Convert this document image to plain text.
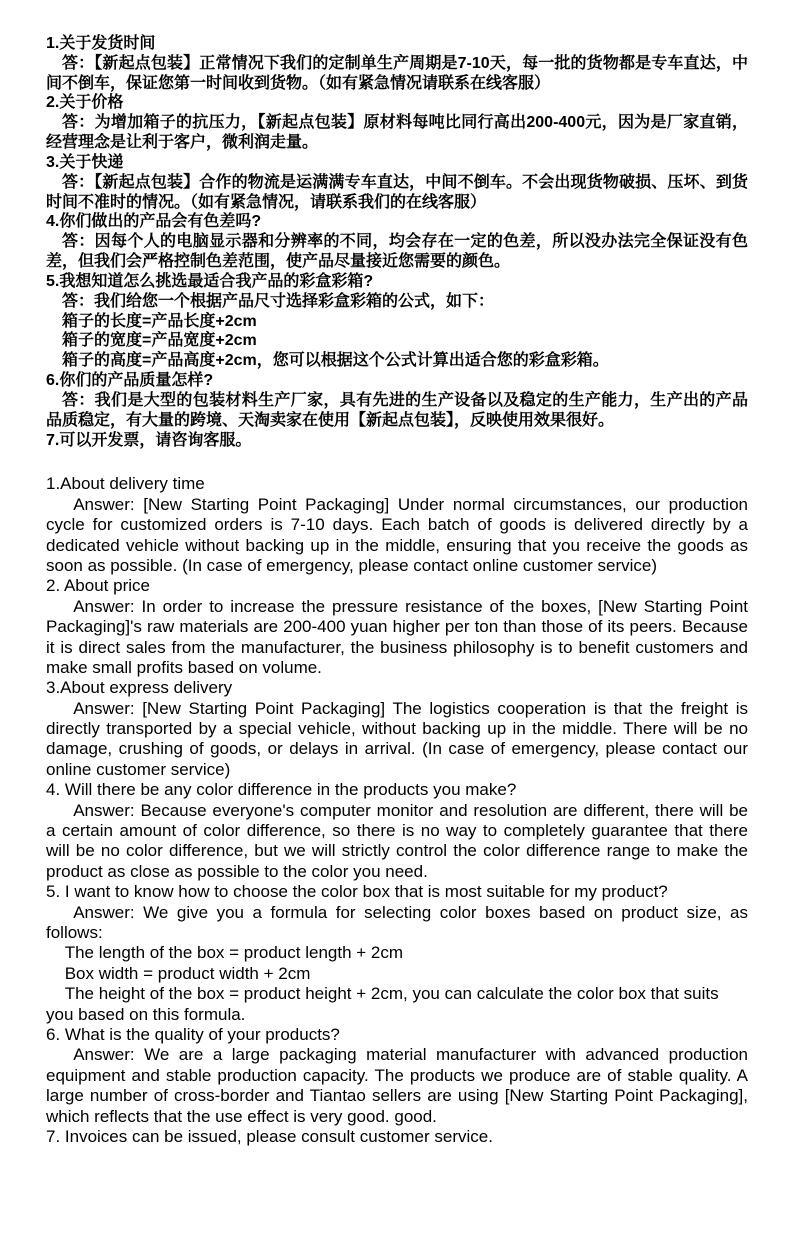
1.关于发货时间

答：【新起点包装】正常情况下我们的定制单生产周期是7-10天，每一批的货物都是专车直达，中间不倒车，保证您第一时间收到货物。（如有紧急情况请联系在线客服）

2.关于价格

答：为增加箱子的抗压力，【新起点包装】原材料每吨比同行高出200-400元，因为是厂家直销，经营理念是让利于客户，微利润走量。

3.关于快递

答：【新起点包装】合作的物流是运满满专车直达，中间不倒车。不会出现货物破损、压坏、到货时间不准时的情况。（如有紧急情况，请联系我们的在线客服）

4.你们做出的产品会有色差吗?

答：因每个人的电脑显示器和分辨率的不同，均会存在一定的色差，所以没办法完全保证没有色差，但我们会严格控制色差范围，使产品尽量接近您需要的颜色。

5.我想知道怎么挑选最适合我产品的彩盒彩箱?

答：我们给您一个根据产品尺寸选择彩盒彩箱的公式，如下：

箱子的长度=产品长度+2cm

箱子的宽度=产品宽度+2cm

箱子的高度=产品高度+2cm，您可以根据这个公式计算出适合您的彩盒彩箱。

6.你们的产品质量怎样?

答：我们是大型的包装材料生产厂家，具有先进的生产设备以及稳定的生产能力，生产出的产品品质稳定，有大量的跨境、天淘卖家在使用【新起点包装】，反映使用效果很好。

7.可以开发票，请咨询客服。

1.About delivery time

Answer: [New Starting Point Packaging] Under normal circumstances, our production cycle for customized orders is 7-10 days. Each batch of goods is delivered directly by a dedicated vehicle without backing up in the middle, ensuring that you receive the goods as soon as possible. (In case of emergency, please contact online customer service)

2. About price

Answer: In order to increase the pressure resistance of the boxes, [New Starting Point Packaging]'s raw materials are 200-400 yuan higher per ton than those of its peers. Because it is direct sales from the manufacturer, the business philosophy is to benefit customers and make small profits based on volume.

3.About express delivery

Answer: [New Starting Point Packaging] The logistics cooperation is that the freight is directly transported by a special vehicle, without backing up in the middle. There will be no damage, crushing of goods, or delays in arrival. (In case of emergency, please contact our online customer service)

4. Will there be any color difference in the products you make?

Answer: Because everyone's computer monitor and resolution are different, there will be a certain amount of color difference, so there is no way to completely guarantee that there will be no color difference, but we will strictly control the color difference range to make the product as close as possible to the color you need.

5. I want to know how to choose the color box that is most suitable for my product?

Answer: We give you a formula for selecting color boxes based on product size, as follows:

The length of the box = product length + 2cm

Box width = product width + 2cm

The height of the box = product height + 2cm, you can calculate the color box that suits you based on this formula.

6. What is the quality of your products?

Answer: We are a large packaging material manufacturer with advanced production equipment and stable production capacity. The products we produce are of stable quality. A large number of cross-border and Tiantao sellers are using [New Starting Point Packaging], which reflects that the use effect is very good. good.

7. Invoices can be issued, please consult customer service.
